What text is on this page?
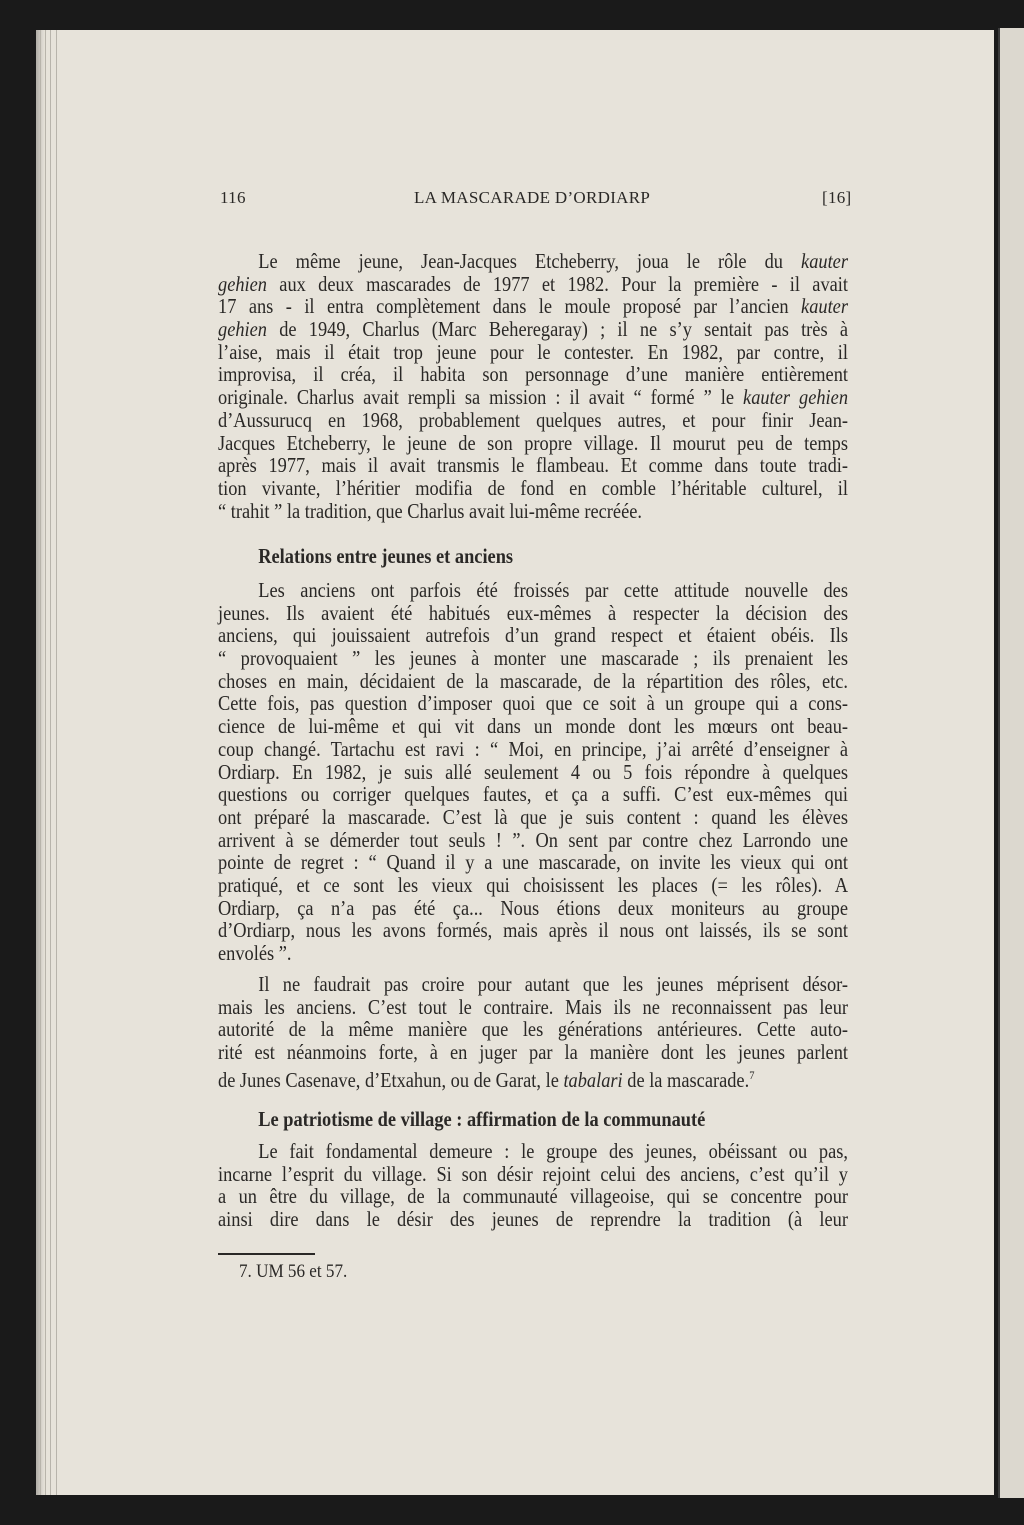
116	LA MASCARADE D’ORDIARP	[16]
Le même jeune, Jean-Jacques Etcheberry, joua le rôle du kauter
gehien aux deux mascarades de 1977 et 1982. Pour la première - il avait
17 ans - il entra complètement dans le moule proposé par l’ancien kauter
gehien de 1949, Charlus (Marc Beheregaray) ; il ne s’y sentait pas très à
l’aise, mais il était trop jeune pour le contester. En 1982, par contre, il
improvisa, il créa, il habita son personnage d’une manière entièrement
originale. Charlus avait rempli sa mission : il avait “ formé ” le kauter gehien
d’Aussurucq en 1968, probablement quelques autres, et pour finir Jean-
Jacques Etcheberry, le jeune de son propre village. Il mourut peu de temps
après 1977, mais il avait transmis le flambeau. Et comme dans toute tradi-
tion vivante, l’héritier modifia de fond en comble l’héritable culturel, il
“ trahit ” la tradition, que Charlus avait lui-même recréée.
Relations entre jeunes et anciens
Les anciens ont parfois été froissés par cette attitude nouvelle des
jeunes. Ils avaient été habitués eux-mêmes à respecter la décision des
anciens, qui jouissaient autrefois d’un grand respect et étaient obéis. Ils
“ provoquaient ” les jeunes à monter une mascarade ; ils prenaient les
choses en main, décidaient de la mascarade, de la répartition des rôles, etc.
Cette fois, pas question d’imposer quoi que ce soit à un groupe qui a cons-
cience de lui-même et qui vit dans un monde dont les mœurs ont beau-
coup changé. Tartachu est ravi : “ Moi, en principe, j’ai arrêté d’enseigner à
Ordiarp. En 1982, je suis allé seulement 4 ou 5 fois répondre à quelques
questions ou corriger quelques fautes, et ça a suffi. C’est eux-mêmes qui
ont préparé la mascarade. C’est là que je suis content : quand les élèves
arrivent à se démerder tout seuls ! ”. On sent par contre chez Larrondo une
pointe de regret : “ Quand il y a une mascarade, on invite les vieux qui ont
pratiqué, et ce sont les vieux qui choisissent les places (= les rôles). A
Ordiarp, ça n’a pas été ça... Nous étions deux moniteurs au groupe
d’Ordiarp, nous les avons formés, mais après il nous ont laissés, ils se sont
envolés ”.
Il ne faudrait pas croire pour autant que les jeunes méprisent désor-
mais les anciens. C’est tout le contraire. Mais ils ne reconnaissent pas leur
autorité de la même manière que les générations antérieures. Cette auto-
rité est néanmoins forte, à en juger par la manière dont les jeunes parlent
de Junes Casenave, d’Etxahun, ou de Garat, le tabalari de la mascarade.$^7$
Le patriotisme de village : affirmation de la communauté
Le fait fondamental demeure : le groupe des jeunes, obéissant ou pas,
incarne l’esprit du village. Si son désir rejoint celui des anciens, c’est qu’il y
a un être du village, de la communauté villageoise, qui se concentre pour
ainsi dire dans le désir des jeunes de reprendre la tradition (à leur
7. UM 56 et 57.
